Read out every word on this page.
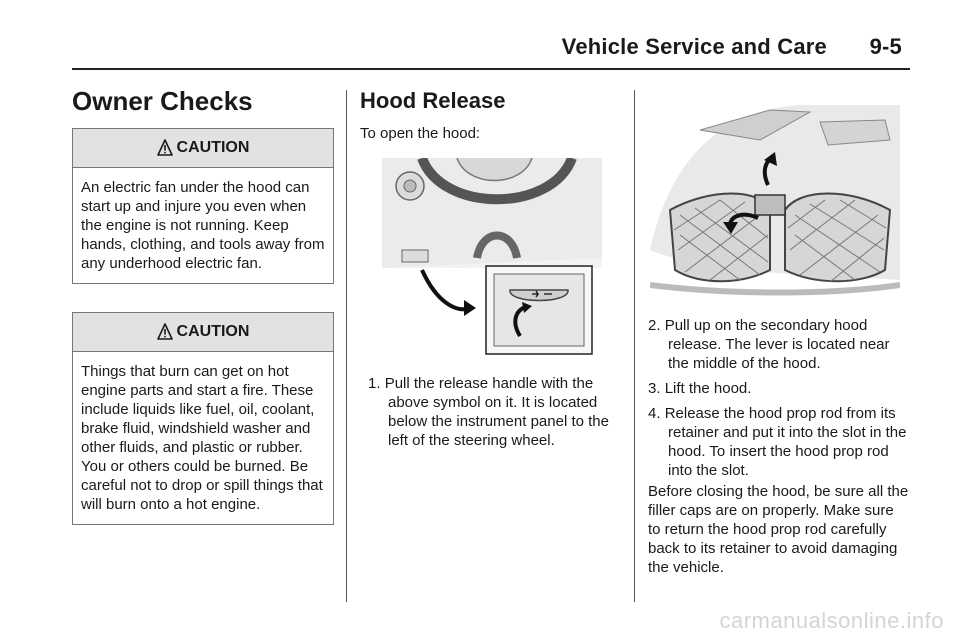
Vehicle Service and Care 9-5
Owner Checks
CAUTION
An electric fan under the hood can start up and injure you even when the engine is not running. Keep hands, clothing, and tools away from any underhood electric fan.
CAUTION
Things that burn can get on hot engine parts and start a fire. These include liquids like fuel, oil, coolant, brake fluid, windshield washer and other fluids, and plastic or rubber. You or others could be burned. Be careful not to drop or spill things that will burn onto a hot engine.
Hood Release
To open the hood:
1. Pull the release handle with the above symbol on it. It is located below the instrument panel to the left of the steering wheel.
2. Pull up on the secondary hood release. The lever is located near the middle of the hood.
3. Lift the hood.
4. Release the hood prop rod from its retainer and put it into the slot in the hood. To insert the hood prop rod into the slot.
Before closing the hood, be sure all the filler caps are on properly. Make sure to return the hood prop rod carefully back to its retainer to avoid damaging the vehicle.
carmanualsonline.info
